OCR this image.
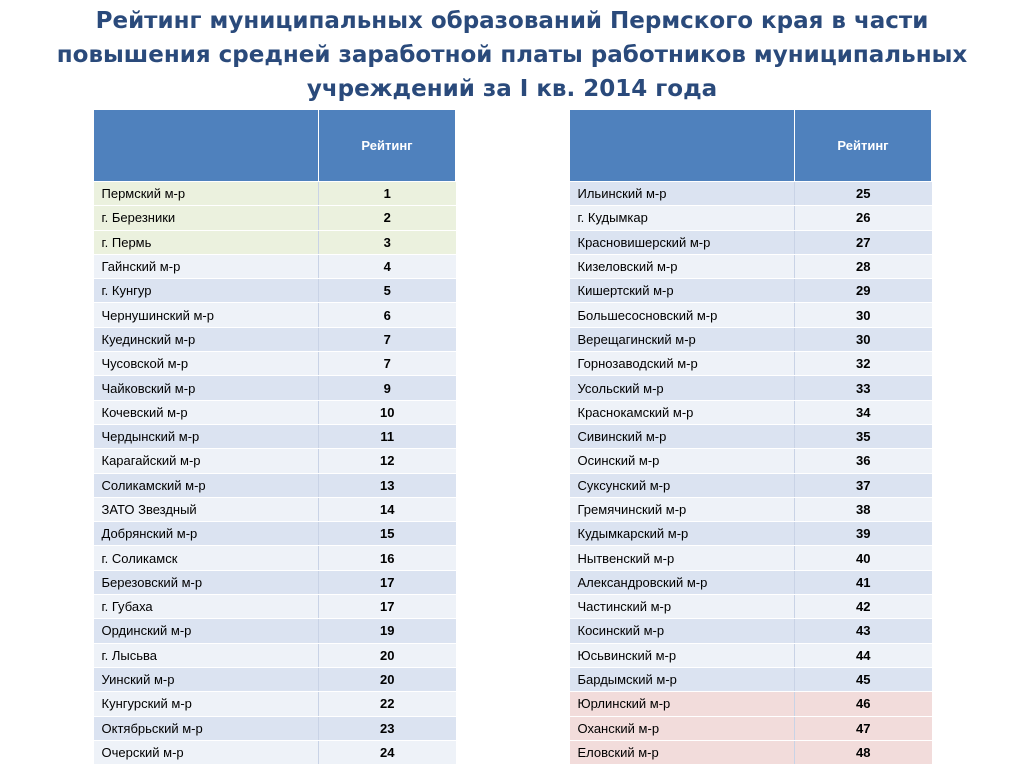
Рейтинг муниципальных образований Пермского края в части повышения средней заработной платы работников муниципальных учреждений за I кв. 2014 года
	Рейтинг
Пермский м-р	1
г. Березники	2
г. Пермь	3
Гайнский м-р	4
г. Кунгур	5
Чернушинский м-р	6
Куединский м-р	7
Чусовской м-р	7
Чайковский м-р	9
Кочевский м-р	10
Чердынский м-р	11
Карагайский м-р	12
Соликамский м-р	13
ЗАТО Звездный	14
Добрянский м-р	15
г. Соликамск	16
Березовский м-р	17
г. Губаха	17
Ординский м-р	19
г. Лысьва	20
Уинский м-р	20
Кунгурский м-р	22
Октябрьский м-р	23
Очерский м-р	24
	Рейтинг
Ильинский м-р	25
г. Кудымкар	26
Красновишерский м-р	27
Кизеловский м-р	28
Кишертский м-р	29
Большесосновский м-р	30
Верещагинский м-р	30
Горнозаводский м-р	32
Усольский м-р	33
Краснокамский м-р	34
Сивинский м-р	35
Осинский м-р	36
Суксунский м-р	37
Гремячинский м-р	38
Кудымкарский м-р	39
Нытвенский м-р	40
Александровский м-р	41
Частинский м-р	42
Косинский м-р	43
Юсьвинский м-р	44
Бардымский м-р	45
Юрлинский м-р	46
Оханский м-р	47
Еловский м-р	48
